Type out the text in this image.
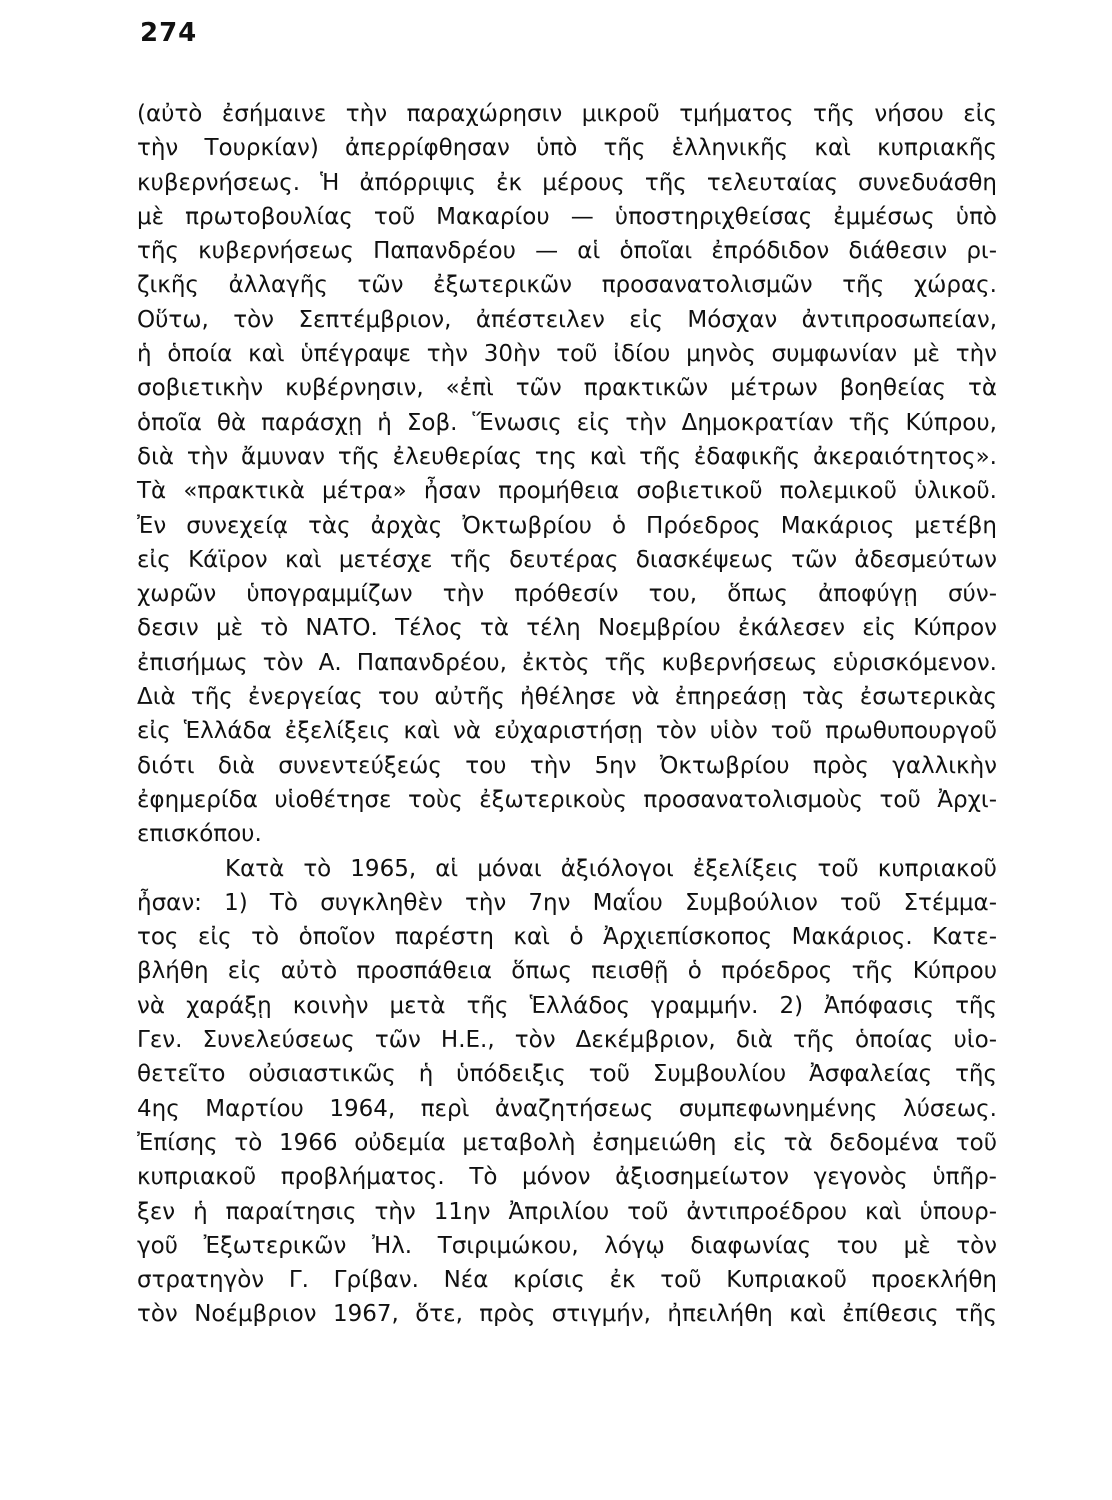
274
(αὐτὸ ἐσήμαινε τὴν παραχώρησιν μικροῦ τμήματος τῆς νήσου εἰς
τὴν Τουρκίαν) ἀπερρίφθησαν ὑπὸ τῆς ἑλληνικῆς καὶ κυπριακῆς
κυβερνήσεως. Ἡ ἀπόρριψις ἐκ μέρους τῆς τελευταίας συνεδυάσθη
μὲ πρωτοβουλίας τοῦ Μακαρίου — ὑποστηριχθείσας ἐμμέσως ὑπὸ
τῆς κυβερνήσεως Παπανδρέου — αἱ ὁποῖαι ἐπρόδιδον διάθεσιν ρι-
ζικῆς ἀλλαγῆς τῶν ἐξωτερικῶν προσανατολισμῶν τῆς χώρας.
Οὕτω, τὸν Σεπτέμβριον, ἀπέστειλεν εἰς Μόσχαν ἀντιπροσωπείαν,
ἡ ὁποία καὶ ὑπέγραψε τὴν 30ὴν τοῦ ἰδίου μηνὸς συμφωνίαν μὲ τὴν
σοβιετικὴν κυβέρνησιν, «ἐπὶ τῶν πρακτικῶν μέτρων βοηθείας τὰ
ὁποῖα θὰ παράσχῃ ἡ Σοβ. Ἕνωσις εἰς τὴν Δημοκρατίαν τῆς Κύπρου,
διὰ τὴν ἄμυναν τῆς ἐλευθερίας της καὶ τῆς ἐδαφικῆς ἀκεραιότητος».
Τὰ «πρακτικὰ μέτρα» ἦσαν προμήθεια σοβιετικοῦ πολεμικοῦ ὑλικοῦ.
Ἐν συνεχείᾳ τὰς ἀρχὰς Ὀκτωβρίου ὁ Πρόεδρος Μακάριος μετέβη
εἰς Κάϊρον καὶ μετέσχε τῆς δευτέρας διασκέψεως τῶν ἀδεσμεύτων
χωρῶν ὑπογραμμίζων τὴν πρόθεσίν του, ὅπως ἀποφύγῃ σύν-
δεσιν μὲ τὸ ΝΑΤΟ. Τέλος τὰ τέλη Νοεμβρίου ἐκάλεσεν εἰς Κύπρον
ἐπισήμως τὸν Α. Παπανδρέου, ἐκτὸς τῆς κυβερνήσεως εὑρισκόμενον.
Διὰ τῆς ἐνεργείας του αὐτῆς ἠθέλησε νὰ ἐπηρεάσῃ τὰς ἐσωτερικὰς
εἰς Ἑλλάδα ἐξελίξεις καὶ νὰ εὐχαριστήσῃ τὸν υἱὸν τοῦ πρωθυπουργοῦ
διότι διὰ συνεντεύξεώς του τὴν 5ην Ὀκτωβρίου πρὸς γαλλικὴν
ἐφημερίδα υἱοθέτησε τοὺς ἐξωτερικοὺς προσανατολισμοὺς τοῦ Ἀρχι-
επισκόπου.
Κατὰ τὸ 1965, αἱ μόναι ἀξιόλογοι ἐξελίξεις τοῦ κυπριακοῦ
ἦσαν: 1) Τὸ συγκληθὲν τὴν 7ην Μαΐου Συμβούλιον τοῦ Στέμμα-
τος εἰς τὸ ὁποῖον παρέστη καὶ ὁ Ἀρχιεπίσκοπος Μακάριος. Κατε-
βλήθη εἰς αὐτὸ προσπάθεια ὅπως πεισθῇ ὁ πρόεδρος τῆς Κύπρου
νὰ χαράξῃ κοινὴν μετὰ τῆς Ἑλλάδος γραμμήν. 2) Ἀπόφασις τῆς
Γεν. Συνελεύσεως τῶν Η.Ε., τὸν Δεκέμβριον, διὰ τῆς ὁποίας υἱο-
θετεῖτο οὐσιαστικῶς ἡ ὑπόδειξις τοῦ Συμβουλίου Ἀσφαλείας τῆς
4ης Μαρτίου 1964, περὶ ἀναζητήσεως συμπεφωνημένης λύσεως.
Ἐπίσης τὸ 1966 οὐδεμία μεταβολὴ ἐσημειώθη εἰς τὰ δεδομένα τοῦ
κυπριακοῦ προβλήματος. Τὸ μόνον ἀξιοσημείωτον γεγονὸς ὑπῆρ-
ξεν ἡ παραίτησις τὴν 11ην Ἀπριλίου τοῦ ἀντιπροέδρου καὶ ὑπουρ-
γοῦ Ἐξωτερικῶν Ἠλ. Τσιριμώκου, λόγῳ διαφωνίας του μὲ τὸν
στρατηγὸν Γ. Γρίβαν. Νέα κρίσις ἐκ τοῦ Κυπριακοῦ προεκλήθη
τὸν Νοέμβριον 1967, ὅτε, πρὸς στιγμήν, ἠπειλήθη καὶ ἐπίθεσις τῆς
